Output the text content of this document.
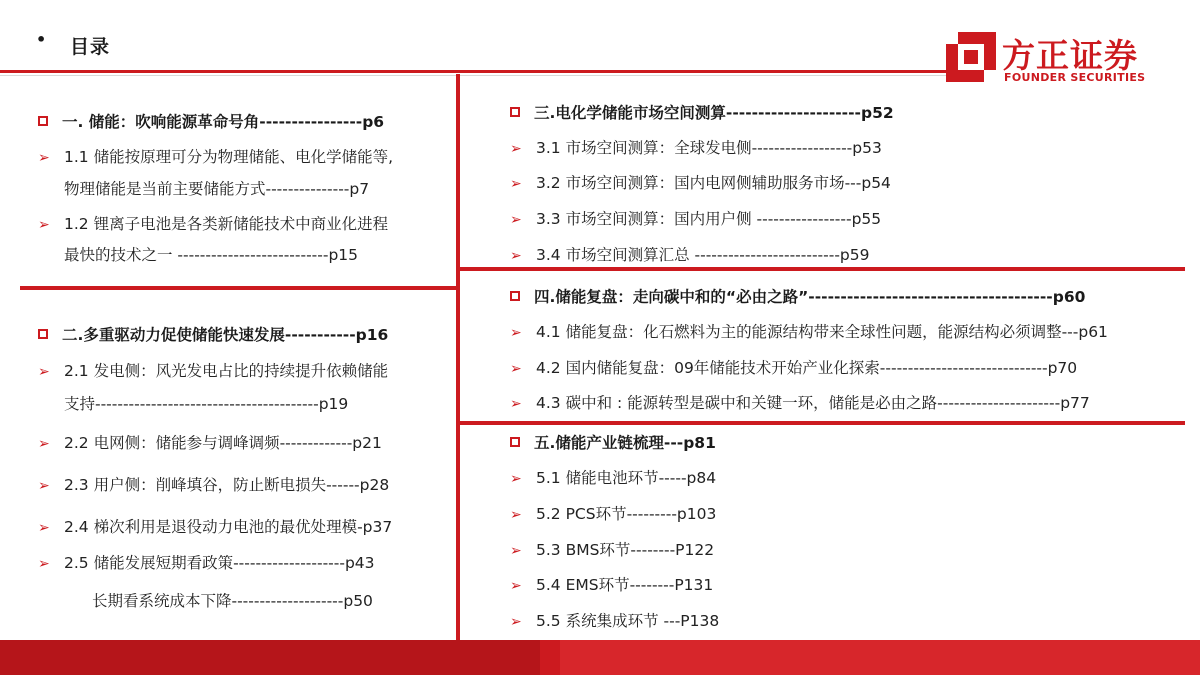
• 目录	方正证券
FOUNDER SECURITIES
一. 储能：吹响能源革命号角----------------p6
➢ 1.1 储能按原理可分为物理储能、电化学储能等,
物理储能是当前主要储能方式---------------p7
➢ 1.2 锂离子电池是各类新储能技术中商业化进程
最快的技术之一 ---------------------------p15
二.多重驱动力促使储能快速发展-----------p16
➢ 2.1 发电侧：风光发电占比的持续提升依赖储能
支持----------------------------------------p19
➢ 2.2 电网侧：储能参与调峰调频-------------p21
➢ 2.3 用户侧：削峰填谷，防止断电损失------p28
➢ 2.4 梯次利用是退役动力电池的最优处理模-p37
➢ 2.5 储能发展短期看政策--------------------p43
长期看系统成本下降--------------------p50
三.电化学储能市场空间测算---------------------p52
➢ 3.1 市场空间测算：全球发电侧------------------p53
➢ 3.2 市场空间测算：国内电网侧辅助服务市场---p54
➢ 3.3 市场空间测算：国内用户侧 -----------------p55
➢ 3.4 市场空间测算汇总 --------------------------p59
四.储能复盘：走向碳中和的“必由之路”--------------------------------------p60
➢ 4.1 储能复盘：化石燃料为主的能源结构带来全球性问题，能源结构必须调整---p61
➢ 4.2 国内储能复盘：09年储能技术开始产业化探索------------------------------p70
➢ 4.3 碳中和 : 能源转型是碳中和关键一环，储能是必由之路----------------------p77
五.储能产业链梳理---p81
➢ 5.1 储能电池环节-----p84
➢ 5.2 PCS环节---------p103
➢ 5.3 BMS环节--------P122
➢ 5.4 EMS环节--------P131
➢ 5.5 系统集成环节 ---P138
